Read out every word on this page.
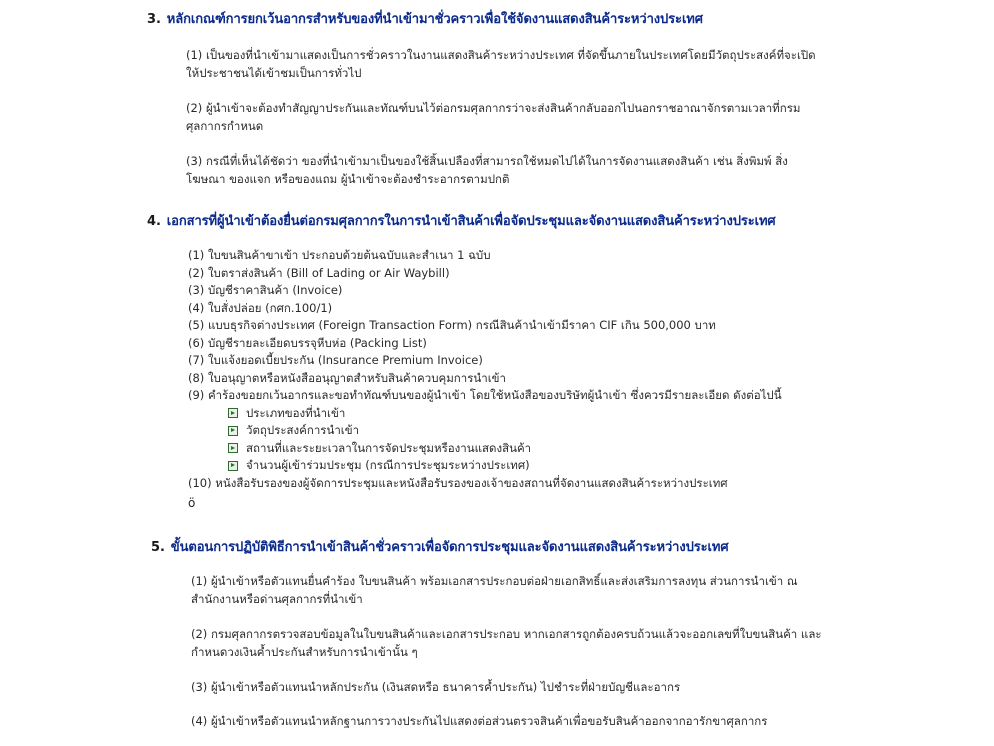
3. หลักเกณฑ์การยกเว้นอากรสำหรับของที่นำเข้ามาชั่วคราวเพื่อใช้จัดงานแสดงสินค้าระหว่างประเทศ
(1) เป็นของที่นำเข้ามาแสดงเป็นการชั่วคราวในงานแสดงสินค้าระหว่างประเทศ ที่จัดขึ้นภายในประเทศโดยมีวัตถุประสงค์ที่จะเปิดให้ประชาชนได้เข้าชมเป็นการทั่วไป
(2) ผู้นำเข้าจะต้องทำสัญญาประกันและทัณฑ์บนไว้ต่อกรมศุลกากรว่าจะส่งสินค้ากลับออกไปนอกราชอาณาจักรตามเวลาที่กรมศุลกากรกำหนด
(3) กรณีที่เห็นได้ชัดว่า ของที่นำเข้ามาเป็นของใช้สิ้นเปลืองที่สามารถใช้หมดไปได้ในการจัดงานแสดงสินค้า เช่น สิ่งพิมพ์ สิ่งโฆษณา ของแจก หรือของแถม ผู้นำเข้าจะต้องชำระอากรตามปกติ
4. เอกสารที่ผู้นำเข้าต้องยื่นต่อกรมศุลกากรในการนำเข้าสินค้าเพื่อจัดประชุมและจัดงานแสดงสินค้าระหว่างประเทศ
(1) ใบขนสินค้าขาเข้า ประกอบด้วยต้นฉบับและสำเนา 1 ฉบับ
(2) ใบตราส่งสินค้า (Bill of Lading or Air Waybill)
(3) บัญชีราคาสินค้า (Invoice)
(4) ใบสั่งปล่อย (กศก.100/1)
(5) แบบธุรกิจต่างประเทศ (Foreign Transaction Form) กรณีสินค้านำเข้ามีราคา CIF เกิน 500,000 บาท
(6) บัญชีรายละเอียดบรรจุหีบห่อ (Packing List)
(7) ใบแจ้งยอดเบี้ยประกัน (Insurance Premium Invoice)
(8) ใบอนุญาตหรือหนังสืออนุญาตสำหรับสินค้าควบคุมการนำเข้า
(9) คำร้องขอยกเว้นอากรและขอทำทัณฑ์บนของผู้นำเข้า โดยใช้หนังสือของบริษัทผู้นำเข้า ซึ่งควรมีรายละเอียด ดังต่อไปนี้
ประเภทของที่นำเข้า
วัตถุประสงค์การนำเข้า
สถานที่และระยะเวลาในการจัดประชุมหรืองานแสดงสินค้า
จำนวนผู้เข้าร่วมประชุม (กรณีการประชุมระหว่างประเทศ)
(10) หนังสือรับรองของผู้จัดการประชุมและหนังสือรับรองของเจ้าของสถานที่จัดงานแสดงสินค้าระหว่างประเทศ
ö
5. ขั้นตอนการปฏิบัติพิธีการนำเข้าสินค้าชั่วคราวเพื่อจัดการประชุมและจัดงานแสดงสินค้าระหว่างประเทศ
(1) ผู้นำเข้าหรือตัวแทนยื่นคำร้อง ใบขนสินค้า พร้อมเอกสารประกอบต่อฝ่ายเอกสิทธิ์และส่งเสริมการลงทุน ส่วนการนำเข้า ณ สำนักงานหรือด่านศุลกากรที่นำเข้า
(2) กรมศุลกากรตรวจสอบข้อมูลในใบขนสินค้าและเอกสารประกอบ หากเอกสารถูกต้องครบถ้วนแล้วจะออกเลขที่ใบขนสินค้า และกำหนดวงเงินค้ำประกันสำหรับการนำเข้านั้น ๆ
(3) ผู้นำเข้าหรือตัวแทนนำหลักประกัน (เงินสดหรือ ธนาคารค้ำประกัน) ไปชำระที่ฝ่ายบัญชีและอากร
(4) ผู้นำเข้าหรือตัวแทนนำหลักฐานการวางประกันไปแสดงต่อส่วนตรวจสินค้าเพื่อขอรับสินค้าออกจากอารักขาศุลกากร
